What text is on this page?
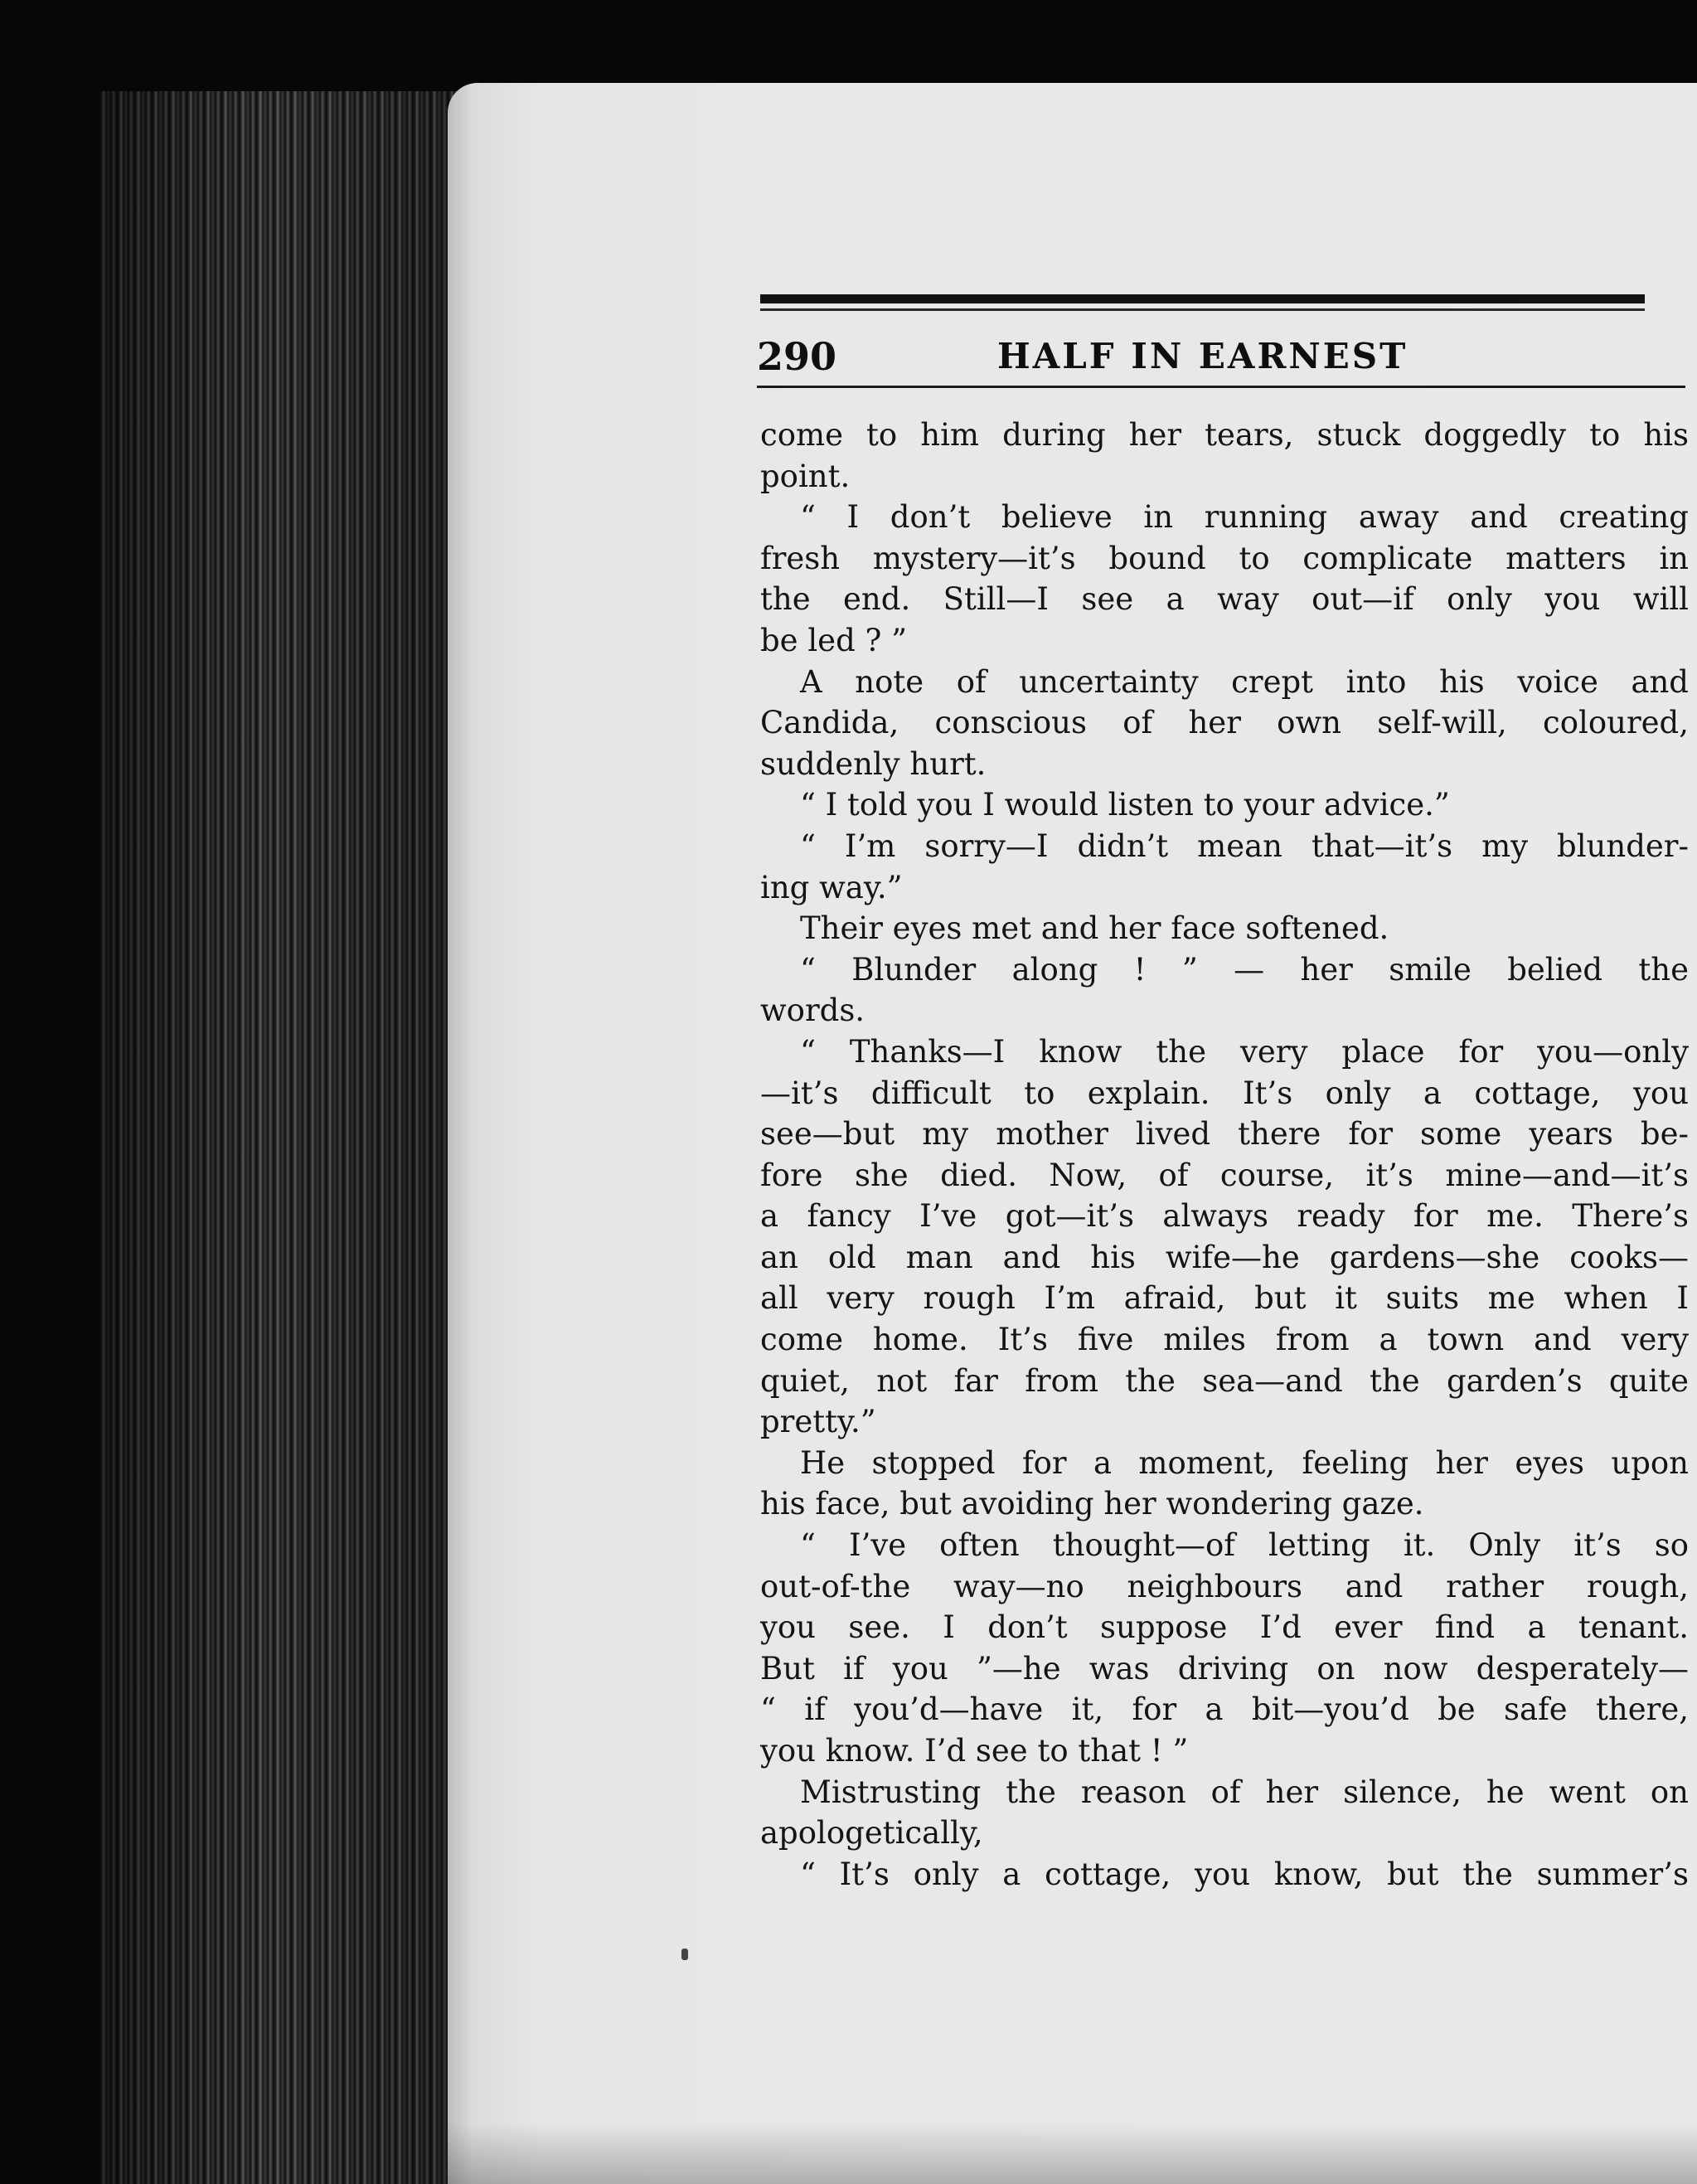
290	HALF IN EARNEST
come to him during her tears, stuck doggedly to his
point.
“ I don’t believe in running away and creating
fresh mystery—it’s bound to complicate matters in
the end. Still—I see a way out—if only you will
be led ? ”
A note of uncertainty crept into his voice and
Candida, conscious of her own self-will, coloured,
suddenly hurt.
“ I told you I would listen to your advice.”
“ I’m sorry—I didn’t mean that—it’s my blunder-
ing way.”
Their eyes met and her face softened.
“ Blunder along ! ” — her smile belied the
words.
“ Thanks—I know the very place for you—only
—it’s difficult to explain. It’s only a cottage, you
see—but my mother lived there for some years be-
fore she died. Now, of course, it’s mine—and—it’s
a fancy I’ve got—it’s always ready for me. There’s
an old man and his wife—he gardens—she cooks—
all very rough I’m afraid, but it suits me when I
come home. It’s five miles from a town and very
quiet, not far from the sea—and the garden’s quite
pretty.”
He stopped for a moment, feeling her eyes upon
his face, but avoiding her wondering gaze.
“ I’ve often thought—of letting it. Only it’s so
out-of-the way—no neighbours and rather rough,
you see. I don’t suppose I’d ever find a tenant.
But if you ”—he was driving on now desperately—
“ if you’d—have it, for a bit—you’d be safe there,
you know. I’d see to that ! ”
Mistrusting the reason of her silence, he went on
apologetically,
“ It’s only a cottage, you know, but the summer’s
